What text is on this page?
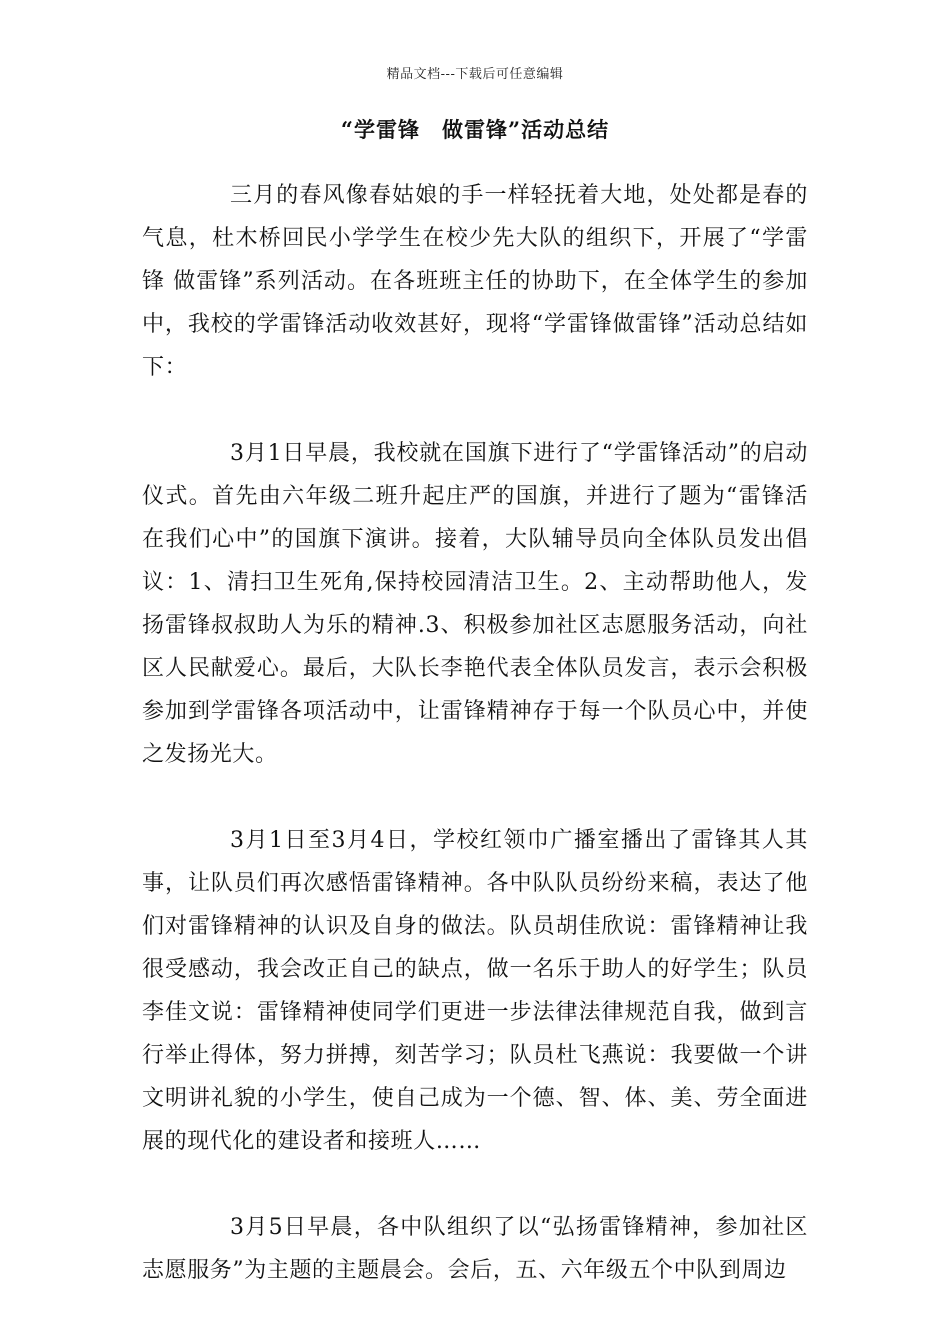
精品文档---下载后可任意编辑
“学雷锋　做雷锋”活动总结

三月的春风像春姑娘的手一样轻抚着大地，处处都是春的气息，杜木桥回民小学学生在校少先大队的组织下，开展了“学雷锋 做雷锋”系列活动。在各班班主任的协助下，在全体学生的参加中，我校的学雷锋活动收效甚好，现将“学雷锋做雷锋”活动总结如下：

3月1日早晨，我校就在国旗下进行了“学雷锋活动”的启动仪式。首先由六年级二班升起庄严的国旗，并进行了题为“雷锋活在我们心中”的国旗下演讲。接着，大队辅导员向全体队员发出倡议：1、清扫卫生死角,保持校园清洁卫生。2、主动帮助他人，发扬雷锋叔叔助人为乐的精神.3、积极参加社区志愿服务活动，向社区人民献爱心。最后，大队长李艳代表全体队员发言，表示会积极参加到学雷锋各项活动中，让雷锋精神存于每一个队员心中，并使之发扬光大。

3月1日至3月4日，学校红领巾广播室播出了雷锋其人其事，让队员们再次感悟雷锋精神。各中队队员纷纷来稿，表达了他们对雷锋精神的认识及自身的做法。队员胡佳欣说：雷锋精神让我很受感动，我会改正自己的缺点，做一名乐于助人的好学生；队员李佳文说：雷锋精神使同学们更进一步法律法律规范自我，做到言行举止得体，努力拼搏，刻苦学习；队员杜飞燕说：我要做一个讲文明讲礼貌的小学生，使自己成为一个德、智、体、美、劳全面进展的现代化的建设者和接班人……

3月5日早晨，各中队组织了以“弘扬雷锋精神，参加社区志愿服务”为主题的主题晨会。会后，五、六年级五个中队到周边
